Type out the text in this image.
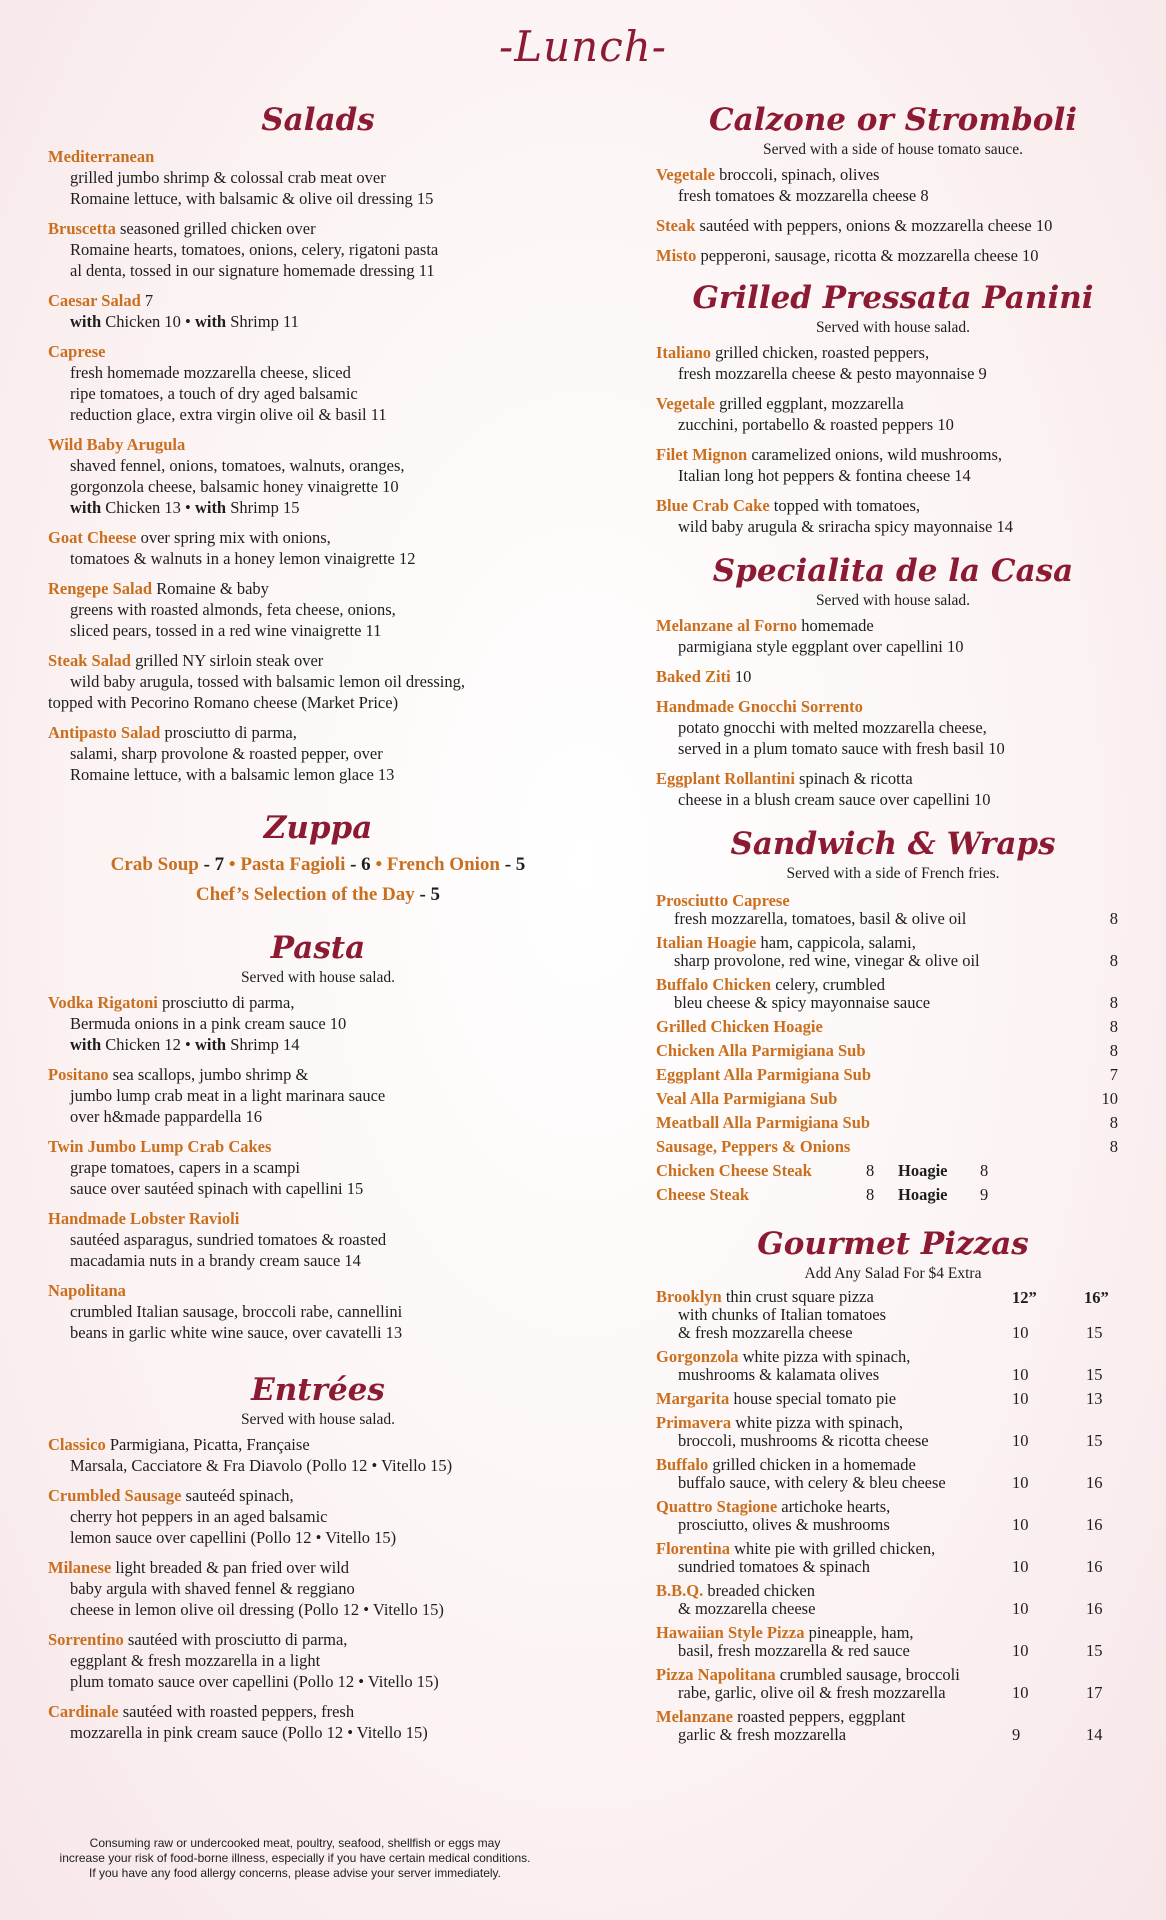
-Lunch-
Salads
Mediterranean
grilled jumbo shrimp & colossal crab meat over
Romaine lettuce, with balsamic & olive oil dressing 15
Bruscetta seasoned grilled chicken over
Romaine hearts, tomatoes, onions, celery, rigatoni pasta
al denta, tossed in our signature homemade dressing 11
Caesar Salad 7
with Chicken 10 • with Shrimp 11
Caprese
fresh homemade mozzarella cheese, sliced
ripe tomatoes, a touch of dry aged balsamic
reduction glace, extra virgin olive oil & basil 11
Wild Baby Arugula
shaved fennel, onions, tomatoes, walnuts, oranges,
gorgonzola cheese, balsamic honey vinaigrette 10
with Chicken 13 • with Shrimp 15
Goat Cheese over spring mix with onions,
tomatoes & walnuts in a honey lemon vinaigrette 12
Rengepe Salad Romaine & baby
greens with roasted almonds, feta cheese, onions,
sliced pears, tossed in a red wine vinaigrette 11
Steak Salad grilled NY sirloin steak over
wild baby arugula, tossed with balsamic lemon oil dressing,
topped with Pecorino Romano cheese (Market Price)
Antipasto Salad prosciutto di parma,
salami, sharp provolone & roasted pepper, over
Romaine lettuce, with a balsamic lemon glace 13
Zuppa
Crab Soup - 7 • Pasta Fagioli - 6 • French Onion - 5
Chef’s Selection of the Day - 5
Pasta
Served with house salad.
Vodka Rigatoni prosciutto di parma,
Bermuda onions in a pink cream sauce 10
with Chicken 12 • with Shrimp 14
Positano sea scallops, jumbo shrimp &
jumbo lump crab meat in a light marinara sauce
over h&made pappardella 16
Twin Jumbo Lump Crab Cakes
grape tomatoes, capers in a scampi
sauce over sautéed spinach with capellini 15
Handmade Lobster Ravioli
sautéed asparagus, sundried tomatoes & roasted
macadamia nuts in a brandy cream sauce 14
Napolitana
crumbled Italian sausage, broccoli rabe, cannellini
beans in garlic white wine sauce, over cavatelli 13
Entrées
Served with house salad.
Classico Parmigiana, Picatta, Française
Marsala, Cacciatore & Fra Diavolo (Pollo 12 • Vitello 15)
Crumbled Sausage sauteéd spinach,
cherry hot peppers in an aged balsamic
lemon sauce over capellini (Pollo 12 • Vitello 15)
Milanese light breaded & pan fried over wild
baby argula with shaved fennel & reggiano
cheese in lemon olive oil dressing (Pollo 12 • Vitello 15)
Sorrentino sautéed with prosciutto di parma,
eggplant & fresh mozzarella in a light
plum tomato sauce over capellini (Pollo 12 • Vitello 15)
Cardinale sautéed with roasted peppers, fresh
mozzarella in pink cream sauce (Pollo 12 • Vitello 15)
Consuming raw or undercooked meat, poultry, seafood, shellfish or eggs may
increase your risk of food-borne illness, especially if you have certain medical conditions.
If you have any food allergy concerns, please advise your server immediately.
Calzone or Stromboli
Served with a side of house tomato sauce.
Vegetale broccoli, spinach, olives
fresh tomatoes & mozzarella cheese 8
Steak sautéed with peppers, onions & mozzarella cheese 10
Misto pepperoni, sausage, ricotta & mozzarella cheese 10
Grilled Pressata Panini
Served with house salad.
Italiano grilled chicken, roasted peppers,
fresh mozzarella cheese & pesto mayonnaise 9
Vegetale grilled eggplant, mozzarella
zucchini, portabello & roasted peppers 10
Filet Mignon caramelized onions, wild mushrooms,
Italian long hot peppers & fontina cheese 14
Blue Crab Cake topped with tomatoes,
wild baby arugula & sriracha spicy mayonnaise 14
Specialita de la Casa
Served with house salad.
Melanzane al Forno homemade
parmigiana style eggplant over capellini 10
Baked Ziti 10
Handmade Gnocchi Sorrento
potato gnocchi with melted mozzarella cheese,
served in a plum tomato sauce with fresh basil 10
Eggplant Rollantini spinach & ricotta
cheese in a blush cream sauce over capellini 10
Sandwich & Wraps
Served with a side of French fries.
Prosciutto Caprese
fresh mozzarella, tomatoes, basil & olive oil	8
Italian Hoagie ham, cappicola, salami,
sharp provolone, red wine, vinegar & olive oil	8
Buffalo Chicken celery, crumbled
bleu cheese & spicy mayonnaise sauce	8
Grilled Chicken Hoagie	8
Chicken Alla Parmigiana Sub	8
Eggplant Alla Parmigiana Sub	7
Veal Alla Parmigiana Sub	10
Meatball Alla Parmigiana Sub	8
Sausage, Peppers & Onions	8
Chicken Cheese Steak	8 Hoagie 8
Cheese Steak	8 Hoagie 9
Gourmet Pizzas
Add Any Salad For $4 Extra
12”	16”
Brooklyn thin crust square pizza
with chunks of Italian tomatoes
& fresh mozzarella cheese	10	15
Gorgonzola white pizza with spinach,
mushrooms & kalamata olives	10	15
Margarita house special tomato pie	10	13
Primavera white pizza with spinach,
broccoli, mushrooms & ricotta cheese	10	15
Buffalo grilled chicken in a homemade
buffalo sauce, with celery & bleu cheese	10	16
Quattro Stagione artichoke hearts,
prosciutto, olives & mushrooms	10	16
Florentina white pie with grilled chicken,
sundried tomatoes & spinach	10	16
B.B.Q. breaded chicken
& mozzarella cheese	10	16
Hawaiian Style Pizza pineapple, ham,
basil, fresh mozzarella & red sauce	10	15
Pizza Napolitana crumbled sausage, broccoli
rabe, garlic, olive oil & fresh mozzarella	10	17
Melanzane roasted peppers, eggplant
garlic & fresh mozzarella	9	14
